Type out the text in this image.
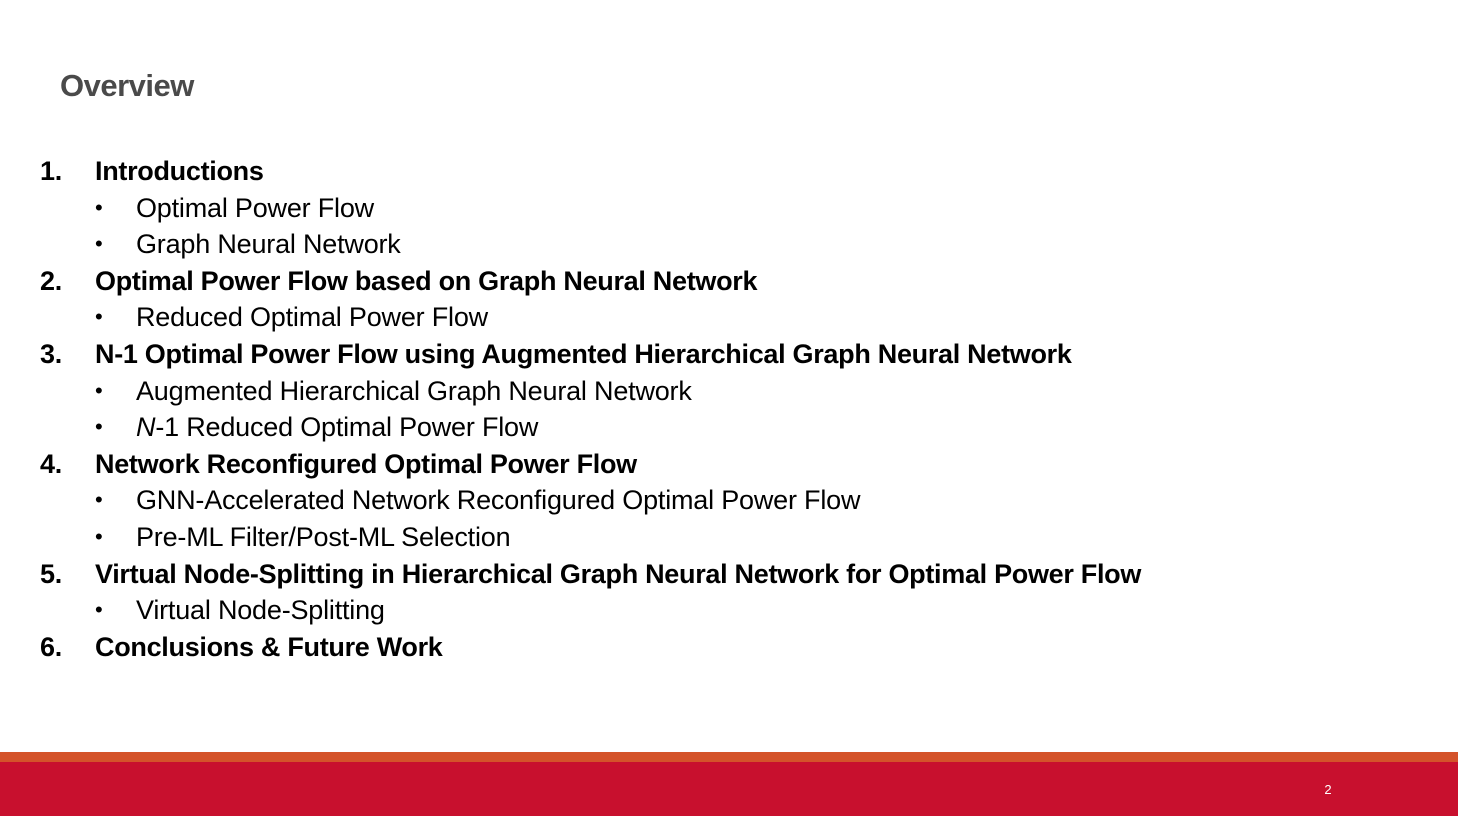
Overview
1. Introductions
• Optimal Power Flow
• Graph Neural Network
2. Optimal Power Flow based on Graph Neural Network
• Reduced Optimal Power Flow
3. N-1 Optimal Power Flow using Augmented Hierarchical Graph Neural Network
• Augmented Hierarchical Graph Neural Network
• N-1 Reduced Optimal Power Flow
4. Network Reconfigured Optimal Power Flow
• GNN-Accelerated Network Reconfigured Optimal Power Flow
• Pre-ML Filter/Post-ML Selection
5. Virtual Node-Splitting in Hierarchical Graph Neural Network for Optimal Power Flow
• Virtual Node-Splitting
6. Conclusions & Future Work
2
